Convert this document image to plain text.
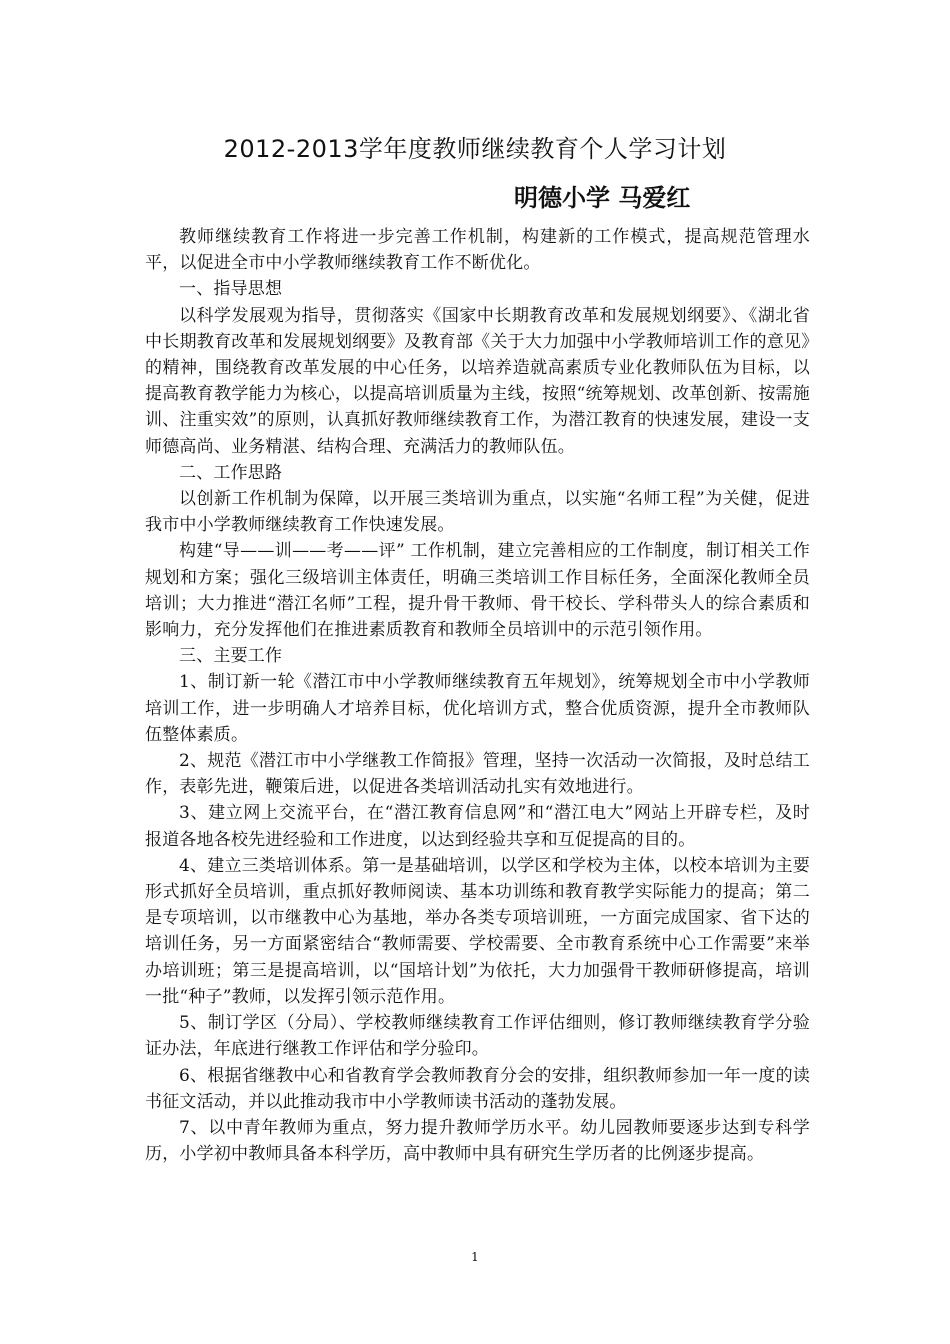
2012-2013学年度教师继续教育个人学习计划
明德小学 马爱红

教师继续教育工作将进一步完善工作机制，构建新的工作模式，提高规范管理水平，以促进全市中小学教师继续教育工作不断优化。

一、指导思想

以科学发展观为指导，贯彻落实《国家中长期教育改革和发展规划纲要》、《湖北省中长期教育改革和发展规划纲要》及教育部《关于大力加强中小学教师培训工作的意见》的精神，围绕教育改革发展的中心任务，以培养造就高素质专业化教师队伍为目标，以提高教育教学能力为核心，以提高培训质量为主线，按照“统筹规划、改革创新、按需施训、注重实效”的原则，认真抓好教师继续教育工作，为潜江教育的快速发展，建设一支师德高尚、业务精湛、结构合理、充满活力的教师队伍。

二、工作思路

以创新工作机制为保障，以开展三类培训为重点，以实施“名师工程”为关健，促进我市中小学教师继续教育工作快速发展。

构建“导——训——考——评” 工作机制，建立完善相应的工作制度，制订相关工作规划和方案；强化三级培训主体责任，明确三类培训工作目标任务，全面深化教师全员培训；大力推进“潜江名师”工程，提升骨干教师、骨干校长、学科带头人的综合素质和影响力，充分发挥他们在推进素质教育和教师全员培训中的示范引领作用。

三、主要工作

1、制订新一轮《潜江市中小学教师继续教育五年规划》，统筹规划全市中小学教师培训工作，进一步明确人才培养目标，优化培训方式，整合优质资源，提升全市教师队伍整体素质。

2、规范《潜江市中小学继教工作简报》管理，坚持一次活动一次简报，及时总结工作，表彰先进，鞭策后进，以促进各类培训活动扎实有效地进行。

3、建立网上交流平台，在“潜江教育信息网”和“潜江电大”网站上开辟专栏，及时报道各地各校先进经验和工作进度，以达到经验共享和互促提高的目的。

4、建立三类培训体系。第一是基础培训，以学区和学校为主体，以校本培训为主要形式抓好全员培训，重点抓好教师阅读、基本功训练和教育教学实际能力的提高；第二是专项培训，以市继教中心为基地，举办各类专项培训班，一方面完成国家、省下达的培训任务，另一方面紧密结合“教师需要、学校需要、全市教育系统中心工作需要”来举办培训班；第三是提高培训，以“国培计划”为依托，大力加强骨干教师研修提高，培训一批“种子”教师，以发挥引领示范作用。

5、制订学区（分局）、学校教师继续教育工作评估细则，修订教师继续教育学分验证办法，年底进行继教工作评估和学分验印。

6、根据省继教中心和省教育学会教师教育分会的安排，组织教师参加一年一度的读书征文活动，并以此推动我市中小学教师读书活动的蓬勃发展。

7、以中青年教师为重点，努力提升教师学历水平。幼儿园教师要逐步达到专科学历，小学初中教师具备本科学历，高中教师中具有研究生学历者的比例逐步提高。

1
